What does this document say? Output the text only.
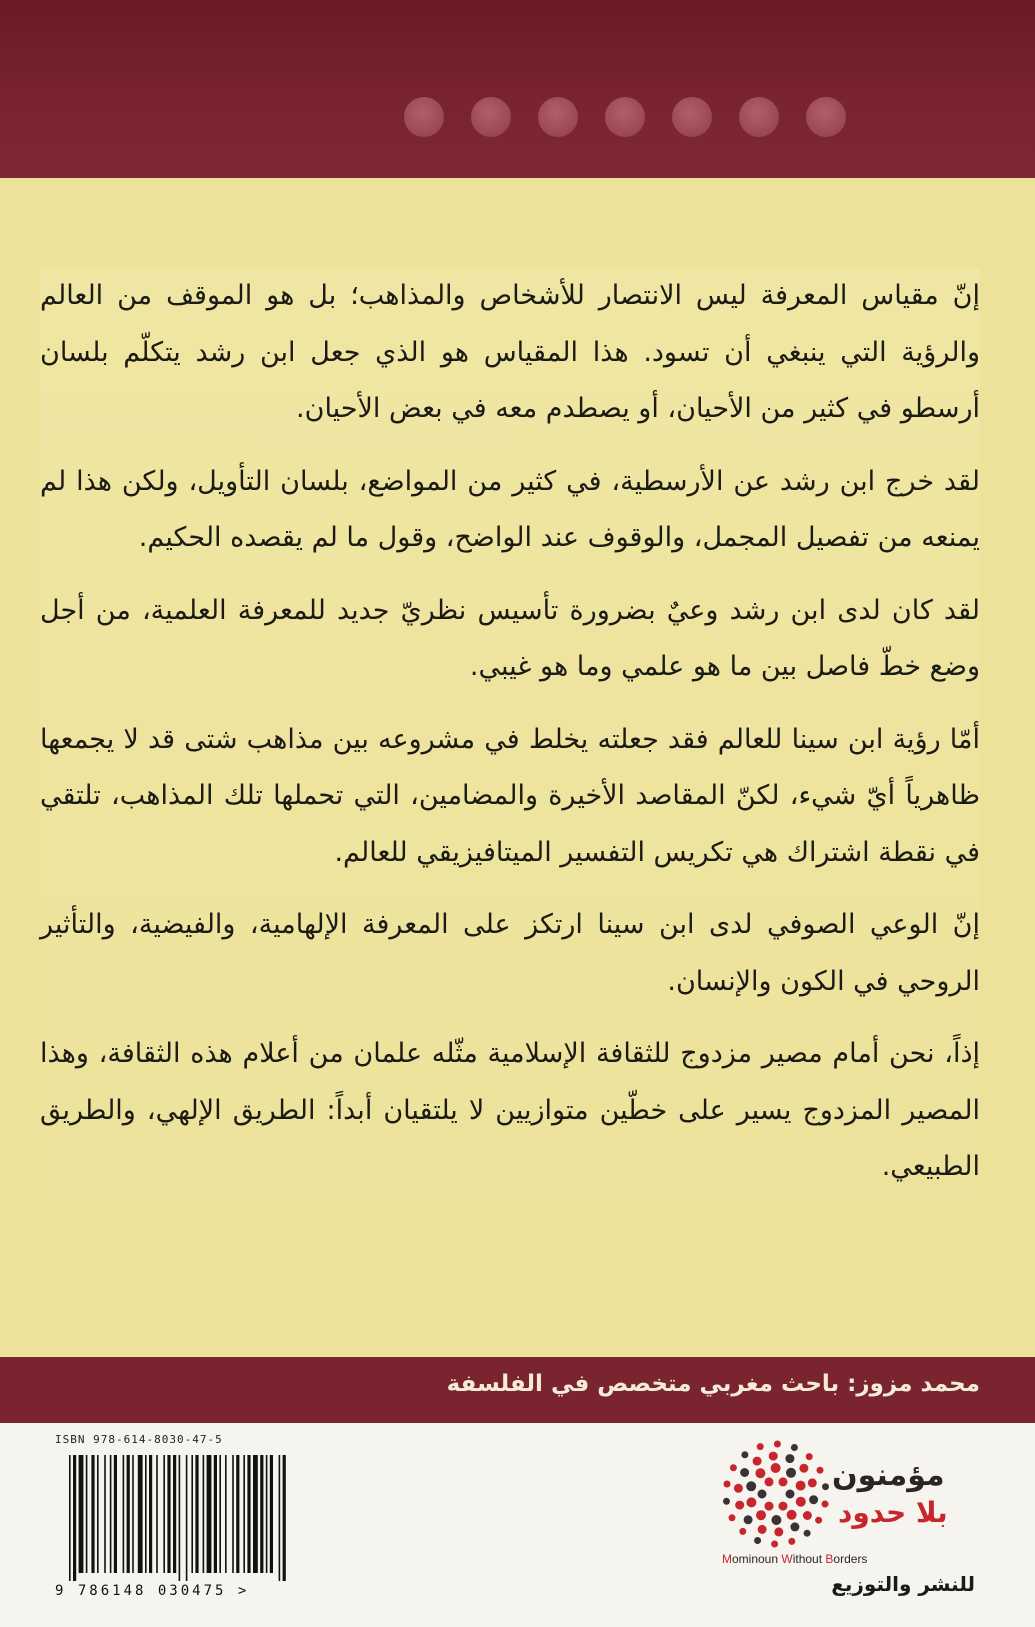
إنّ مقياس المعرفة ليس الانتصار للأشخاص والمذاهب؛ بل هو الموقف من العالم والرؤية التي ينبغي أن تسود. هذا المقياس هو الذي جعل ابن رشد يتكلّم بلسان أرسطو في كثير من الأحيان، أو يصطدم معه في بعض الأحيان.

لقد خرج ابن رشد عن الأرسطية، في كثير من المواضع، بلسان التأويل، ولكن هذا لم يمنعه من تفصيل المجمل، والوقوف عند الواضح، وقول ما لم يقصده الحكيم.

لقد كان لدى ابن رشد وعيٌ بضرورة تأسيس نظريّ جديد للمعرفة العلمية، من أجل وضع خطّ فاصل بين ما هو علمي وما هو غيبي.

أمّا رؤية ابن سينا للعالم فقد جعلته يخلط في مشروعه بين مذاهب شتى قد لا يجمعها ظاهرياً أيّ شيء، لكنّ المقاصد الأخيرة والمضامين، التي تحملها تلك المذاهب، تلتقي في نقطة اشتراك هي تكريس التفسير الميتافيزيقي للعالم.

إنّ الوعي الصوفي لدى ابن سينا ارتكز على المعرفة الإلهامية، والفيضية، والتأثير الروحي في الكون والإنسان.

إذاً، نحن أمام مصير مزدوج للثقافة الإسلامية مثّله علمان من أعلام هذه الثقافة، وهذا المصير المزدوج يسير على خطّين متوازيين لا يلتقيان أبداً: الطريق الإلهي، والطريق الطبيعي.

محمد مزوز: باحث مغربي متخصص في الفلسفة
ISBN 978-614-8030-47-5
9 786148 030475 >
مؤمنون
بلا حدود
Mominoun Without Borders
للنشر والتوزيع
